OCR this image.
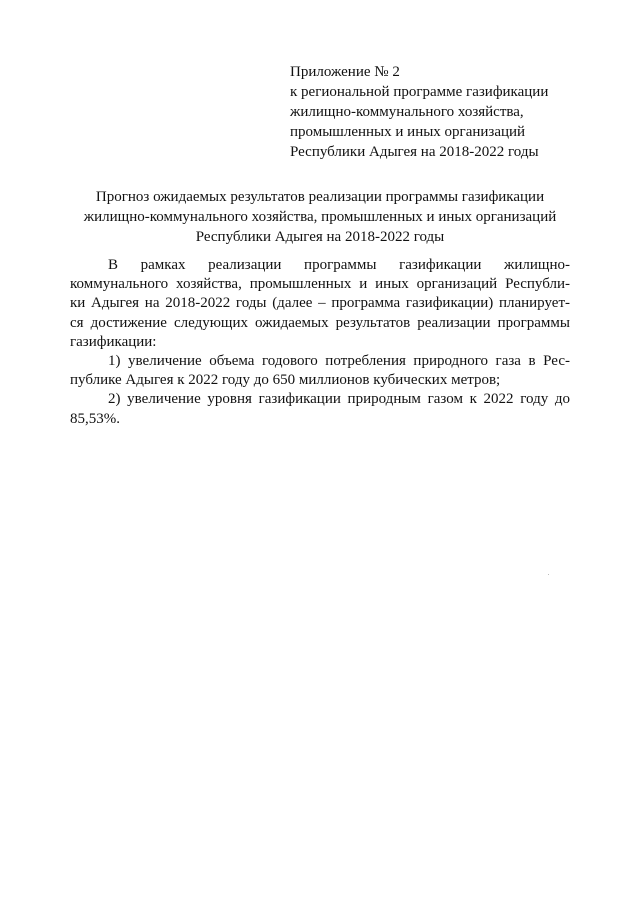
Приложение № 2
к региональной программе газификации
жилищно-коммунального хозяйства,
промышленных и иных организаций
Республики Адыгея на 2018-2022 годы
Прогноз ожидаемых результатов реализации программы газификации
жилищно-коммунального хозяйства, промышленных и иных организаций
Республики Адыгея на 2018-2022 годы
В рамках реализации программы газификации жилищно-
коммунального хозяйства, промышленных и иных организаций Республи-
ки Адыгея на 2018-2022 годы (далее – программа газификации) планирует-
ся достижение следующих ожидаемых результатов реализации программы
газификации:
1) увеличение объема годового потребления природного газа в Рес-
публике Адыгея к 2022 году до 650 миллионов кубических метров;
2) увеличение уровня газификации природным газом к 2022 году до
85,53%.
